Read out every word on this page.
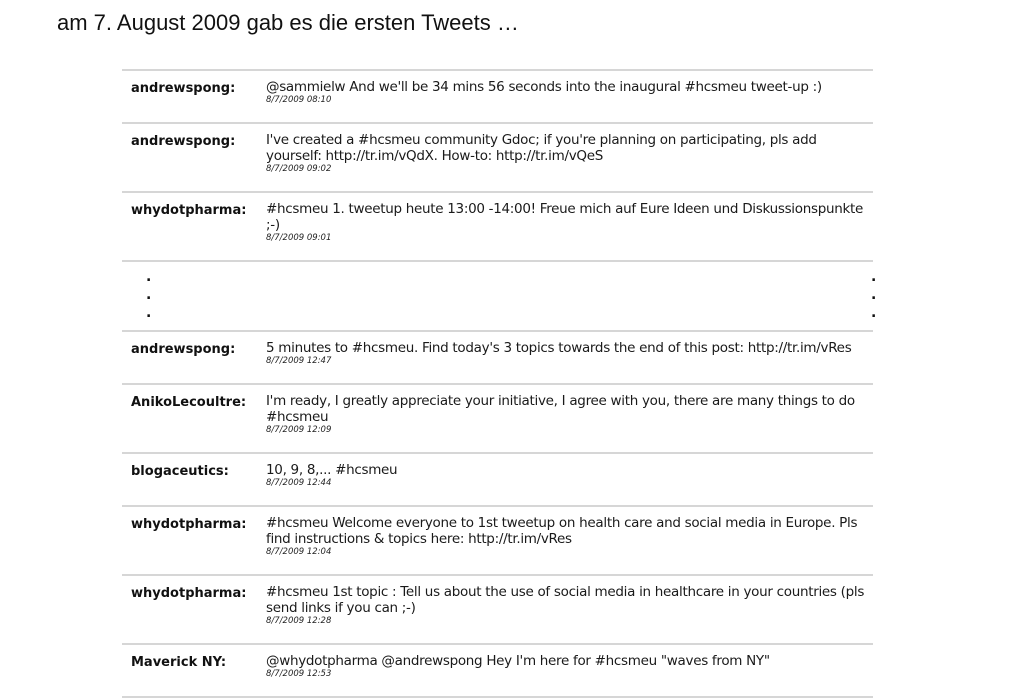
am 7. August 2009 gab es die ersten Tweets …
andrewspong: @sammielw And we'll be 34 mins 56 seconds into the inaugural #hcsmeu tweet-up :)
8/7/2009 08:10
andrewspong: I've created a #hcsmeu community Gdoc; if you're planning on participating, pls add yourself: http://tr.im/vQdX. How-to: http://tr.im/vQeS
8/7/2009 09:02
whydotpharma: #hcsmeu 1. tweetup heute 13:00 -14:00! Freue mich auf Eure Ideen und Diskussionspunkte ;-)
8/7/2009 09:01
.
.
.
.
.
.
andrewspong: 5 minutes to #hcsmeu. Find today's 3 topics towards the end of this post: http://tr.im/vRes
8/7/2009 12:47
AnikoLecoultre: I'm ready, I greatly appreciate your initiative, I agree with you, there are many things to do #hcsmeu
8/7/2009 12:09
blogaceutics:	10, 9, 8,... #hcsmeu
8/7/2009 12:44
whydotpharma: #hcsmeu Welcome everyone to 1st tweetup on health care and social media in Europe. Pls find instructions & topics here: http://tr.im/vRes
8/7/2009 12:04
whydotpharma: #hcsmeu 1st topic : Tell us about the use of social media in healthcare in your countries (pls send links if you can ;-)
8/7/2009 12:28
Maverick NY:	@whydotpharma @andrewspong Hey I'm here for #hcsmeu "waves from NY"
8/7/2009 12:53
